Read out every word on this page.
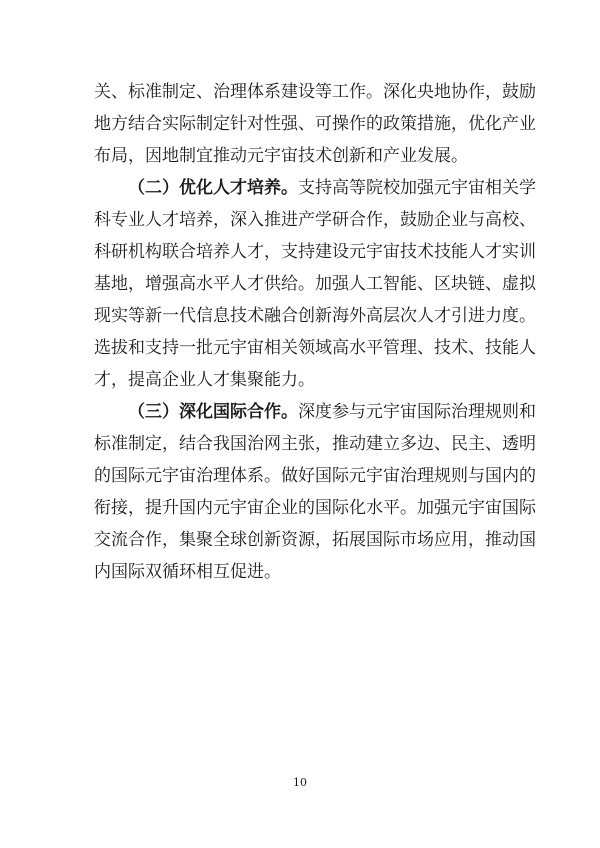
关、标准制定、治理体系建设等工作。深化央地协作，鼓励
地方结合实际制定针对性强、可操作的政策措施，优化产业
布局，因地制宜推动元宇宙技术创新和产业发展。
（二）优化人才培养。支持高等院校加强元宇宙相关学
科专业人才培养，深入推进产学研合作，鼓励企业与高校、
科研机构联合培养人才，支持建设元宇宙技术技能人才实训
基地，增强高水平人才供给。加强人工智能、区块链、虚拟
现实等新一代信息技术融合创新海外高层次人才引进力度。
选拔和支持一批元宇宙相关领域高水平管理、技术、技能人
才，提高企业人才集聚能力。
（三）深化国际合作。深度参与元宇宙国际治理规则和
标准制定，结合我国治网主张，推动建立多边、民主、透明
的国际元宇宙治理体系。做好国际元宇宙治理规则与国内的
衔接，提升国内元宇宙企业的国际化水平。加强元宇宙国际
交流合作，集聚全球创新资源，拓展国际市场应用，推动国
内国际双循环相互促进。
10
